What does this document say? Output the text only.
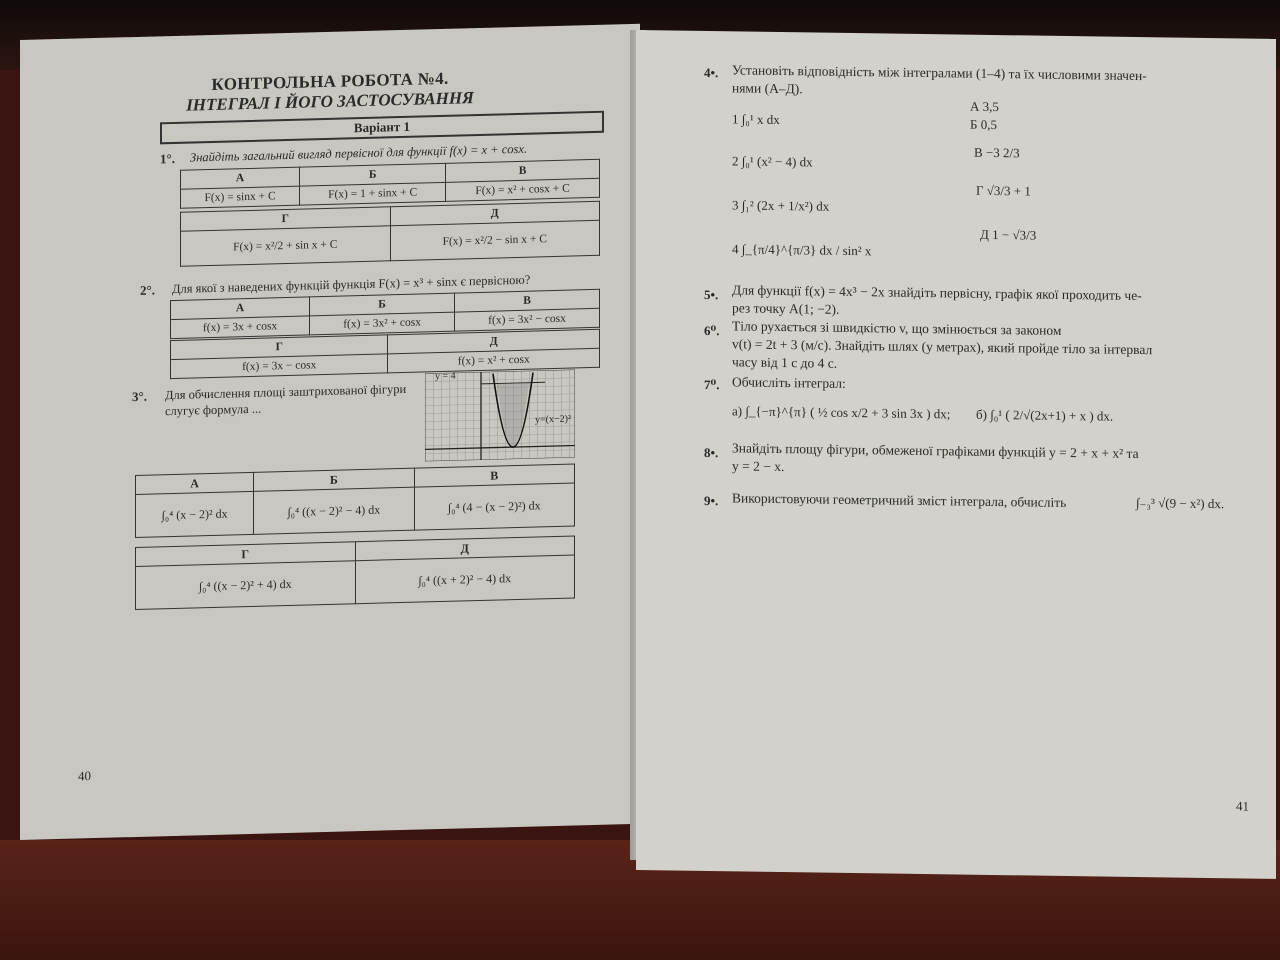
КОНТРОЛЬНА РОБОТА №4.
ІНТЕГРАЛ І ЙОГО ЗАСТОСУВАННЯ
Варіант 1
1°. Знайдіть загальний вигляд первісної для функції f(x) = x + cosx.
А	Б	В
F(x) = sinx + C	F(x) = 1 + sinx + C	F(x) = x² + cosx + C
Г	Д
F(x) = x²/2 + sin x + C	F(x) = x²/2 − sin x + C
2°. Для якої з наведених функцій функція F(x) = x³ + sinx є первісною?
А	Б	В
f(x) = 3x + cosx	f(x) = 3x² + cosx	f(x) = 3x² − cosx
Г	Д
f(x) = 3x − cosx	f(x) = x² + cosx
3°. Для обчислення площі заштрихованої фігури
слугує формула ...
y = 4
y=(x−2)²
А	Б	В
∫₀⁴ (x − 2)² dx	∫₀⁴ ((x − 2)² − 4) dx	∫₀⁴ (4 − (x − 2)²) dx
Г	Д
∫₀⁴ ((x − 2)² + 4) dx	∫₀⁴ ((x + 2)² − 4) dx
40
4•. Установіть відповідність між інтегралами (1–4) та їх числовими значен-
нями (А–Д).
1 ∫₀¹ x dx
2 ∫₀¹ (x² − 4) dx
3 ∫₁² (2x + 1/x²) dx
4 ∫_{π/4}^{π/3} dx / sin² x
А 3,5
Б 0,5
В −3 2/3
Г √3/3 + 1
Д 1 − √3/3
5•. Для функції f(x) = 4x³ − 2x знайдіть первісну, графік якої проходить че-
рез точку A(1; −2).
6⁰. Тіло рухається зі швидкістю v, що змінюється за законом
v(t) = 2t + 3 (м/с). Знайдіть шлях (у метрах), який пройде тіло за інтервал
часу від 1 с до 4 с.
7⁰. Обчисліть інтеграл:
а) ∫_{−π}^{π} ( ½ cos x/2 + 3 sin 3x ) dx; б) ∫₀¹ ( 2/√(2x+1) + x ) dx.
8•. Знайдіть площу фігури, обмеженої графіками функцій y = 2 + x + x² та
y = 2 − x.
9•. Використовуючи геометричний зміст інтеграла, обчисліть	∫₋₃³ √(9 − x²) dx.
41
